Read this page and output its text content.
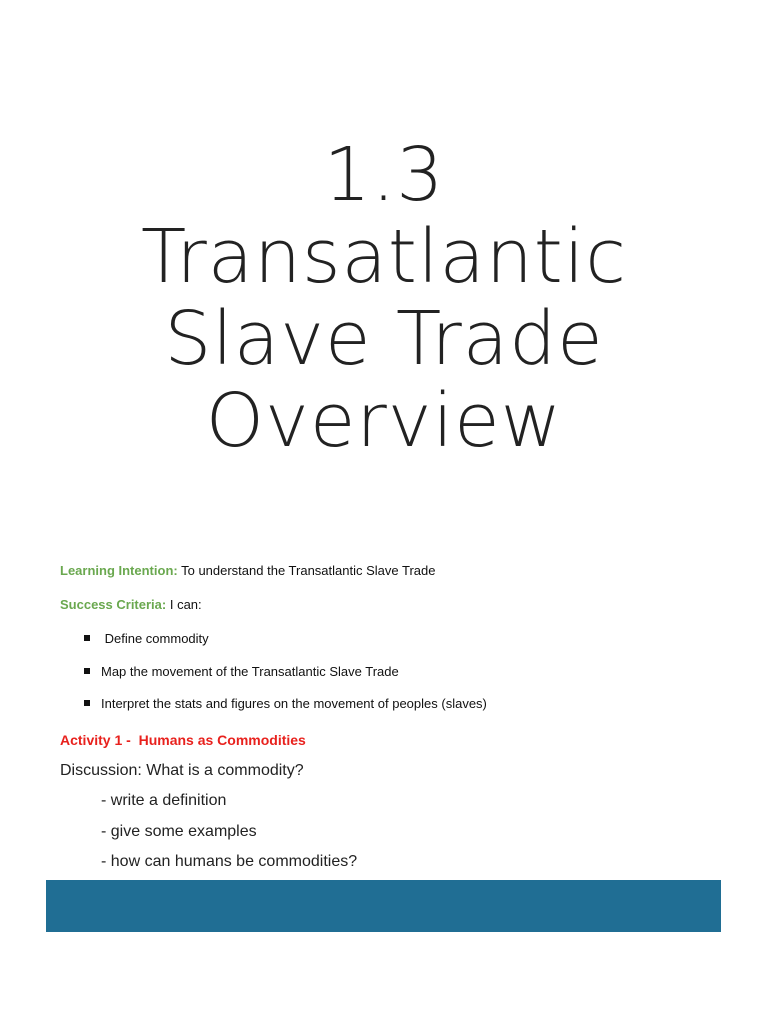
1.3
Transatlantic
Slave Trade
Overview
Learning Intention: To understand the Transatlantic Slave Trade
Success Criteria: I can:
Define commodity
Map the movement of the Transatlantic Slave Trade
Interpret the stats and figures on the movement of peoples (slaves)
Activity 1 -  Humans as Commodities
Discussion: What is a commodity?
- write a definition
- give some examples
- how can humans be commodities?
